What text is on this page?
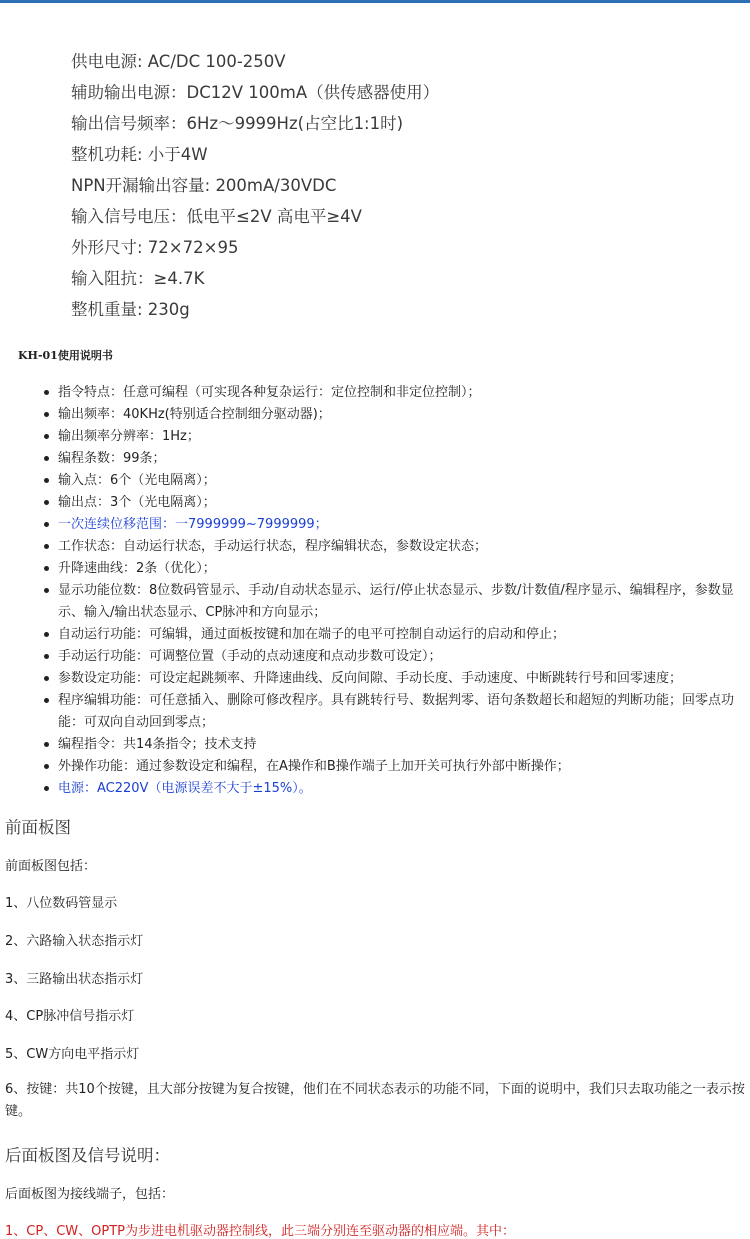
供电电源: AC/DC 100-250V
辅助输出电源：DC12V 100mA（供传感器使用）
输出信号频率：6Hz～9999Hz(占空比1:1时)
整机功耗: 小于4W
NPN开漏输出容量: 200mA/30VDC
输入信号电压：低电平≤2V 高电平≥4V
外形尺寸: 72×72×95
输入阻抗：≥4.7K
整机重量: 230g
KH-01使用说明书
指令特点：任意可编程（可实现各种复杂运行：定位控制和非定位控制）；
输出频率：40KHz(特别适合控制细分驱动器)；
输出频率分辨率：1Hz；
编程条数：99条；
输入点：6个（光电隔离）；
输出点：3个（光电隔离）；
一次连续位移范围：一7999999~7999999；
工作状态：自动运行状态，手动运行状态，程序编辑状态，参数设定状态；
升降速曲线：2条（优化）；
显示功能位数：8位数码管显示、手动/自动状态显示、运行/停止状态显示、步数/计数值/程序显示、编辑程序，参数显示、输入/输出状态显示、CP脉冲和方向显示；
自动运行功能：可编辑，通过面板按键和加在端子的电平可控制自动运行的启动和停止；
手动运行功能：可调整位置（手动的点动速度和点动步数可设定）；
参数设定功能：可设定起跳频率、升降速曲线、反向间隙、手动长度、手动速度、中断跳转行号和回零速度；
程序编辑功能：可任意插入、删除可修改程序。具有跳转行号、数据判零、语句条数超长和超短的判断功能；回零点功能：可双向自动回到零点；
编程指令：共14条指令；技术支持
外操作功能：通过参数设定和编程，在A操作和B操作端子上加开关可执行外部中断操作；
电源：AC220V（电源误差不大于±15%）。
前面板图
前面板图包括：
1、八位数码管显示
2、六路输入状态指示灯
3、三路输出状态指示灯
4、CP脉冲信号指示灯
5、CW方向电平指示灯
6、按键：共10个按键，且大部分按键为复合按键，他们在不同状态表示的功能不同，下面的说明中，我们只去取功能之一表示按键。
后面板图及信号说明：
后面板图为接线端子，包括：
1、CP、CW、OPTP为步进电机驱动器控制线，此三端分别连至驱动器的相应端。其中：
